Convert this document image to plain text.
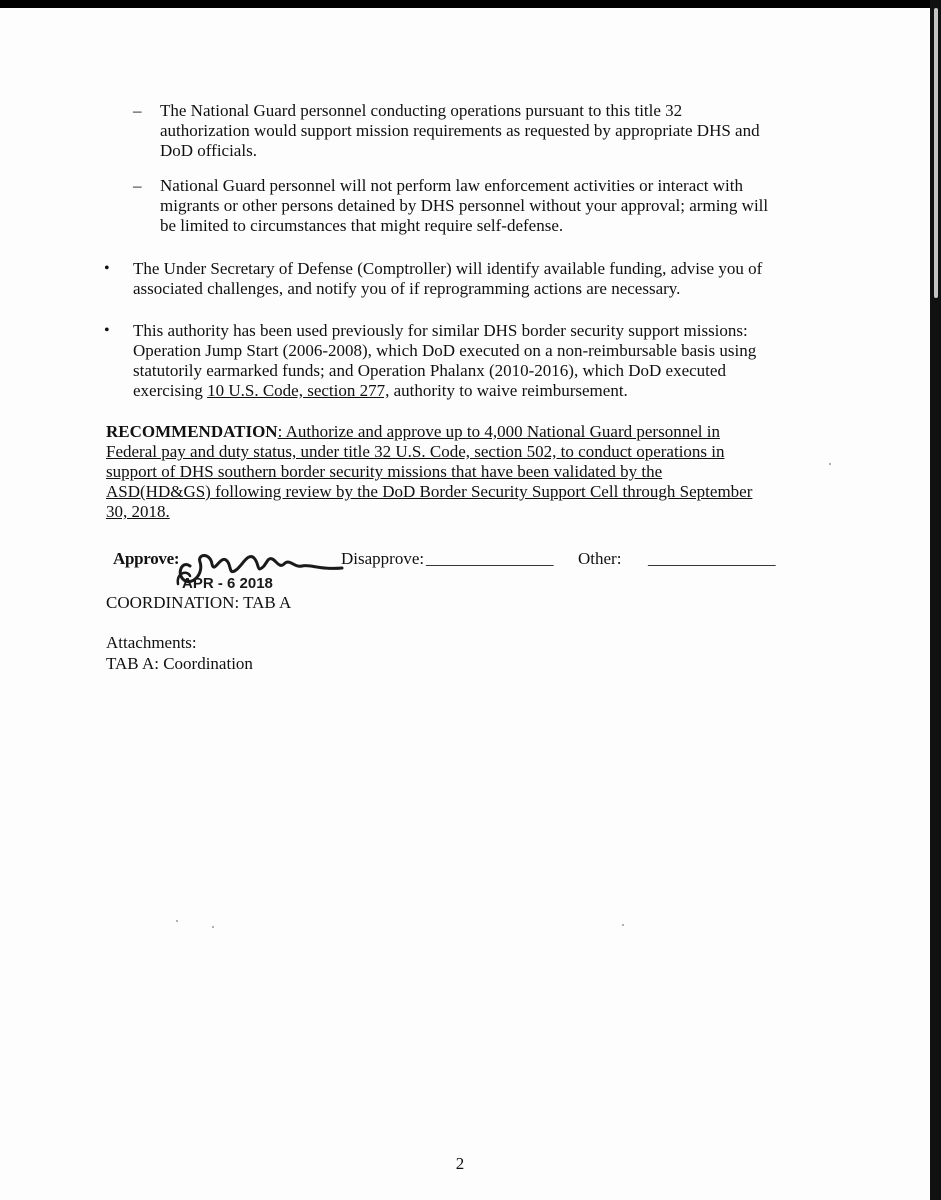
– The National Guard personnel conducting operations pursuant to this title 32
authorization would support mission requirements as requested by appropriate DHS and
DoD officials.
– National Guard personnel will not perform law enforcement activities or interact with
migrants or other persons detained by DHS personnel without your approval; arming will
be limited to circumstances that might require self-defense.
• The Under Secretary of Defense (Comptroller) will identify available funding, advise you of
associated challenges, and notify you of if reprogramming actions are necessary.
• This authority has been used previously for similar DHS border security support missions:
Operation Jump Start (2006-2008), which DoD executed on a non-reimbursable basis using
statutorily earmarked funds; and Operation Phalanx (2010-2016), which DoD executed
exercising 10 U.S. Code, section 277, authority to waive reimbursement.
RECOMMENDATION: Authorize and approve up to 4,000 National Guard personnel in
Federal pay and duty status, under title 32 U.S. Code, section 502, to conduct operations in
support of DHS southern border security missions that have been validated by the
ASD(HD&GS) following review by the DoD Border Security Support Cell through September
30, 2018.
Approve:	Disapprove: _______________ Other: _______________
APR - 6 2018
COORDINATION: TAB A
Attachments:
TAB A: Coordination
2
